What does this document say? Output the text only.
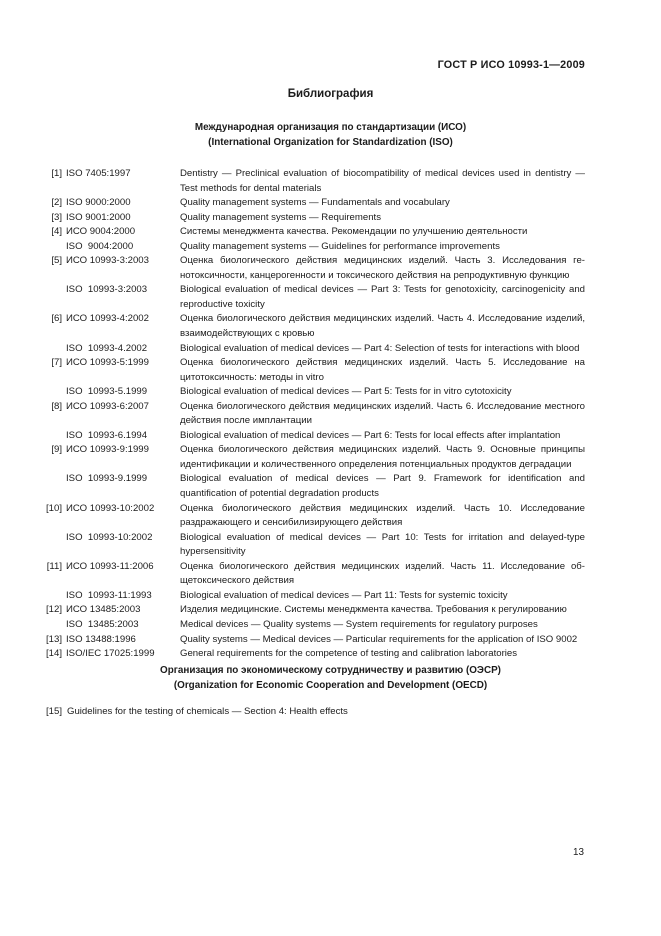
ГОСТ Р ИСО 10993-1—2009
Библиография
Международная организация по стандартизации (ИСО)
(International Organization for Standardization (ISO)
[1] ISO 7405:1997	Dentistry — Preclinical evaluation of biocompatibility of medical devices used in dentistry — Test methods for dental materials
[2] ISO 9000:2000	Quality management systems — Fundamentals and vocabulary
[3] ISO 9001:2000	Quality management systems — Requirements
[4] ИСО 9004:2000	Системы менеджмента качества. Рекомендации по улучшению деятельности
ISO  9004:2000	Quality management systems — Guidelines for performance improvements
[5] ИСО 10993-3:2003	Оценка биологического действия медицинских изделий. Часть 3. Исследования генотоксичности, канцерогенности и токсического действия на репродуктивную функцию
ISO  10993-3:2003	Biological evaluation of medical devices — Part 3: Tests for genotoxicity, carcinogenicity and reproductive toxicity
[6] ИСО 10993-4:2002	Оценка биологического действия медицинских изделий. Часть 4. Исследование изделий, взаимодействующих с кровью
ISO  10993-4.2002	Biological evaluation of medical devices — Part 4: Selection of tests for interactions with blood
[7] ИСО 10993-5:1999	Оценка биологического действия медицинских изделий. Часть 5. Исследование на цитотоксичность: методы in vitro
ISO  10993-5.1999	Biological evaluation of medical devices — Part 5: Tests for in vitro cytotoxicity
[8] ИСО 10993-6:2007	Оценка биологического действия медицинских изделий. Часть 6. Исследование местного действия после имплантации
ISO  10993-6.1994	Biological evaluation of medical devices — Part 6: Tests for local effects after implantation
[9] ИСО 10993-9:1999	Оценка биологического действия медицинских изделий. Часть 9. Основные принципы идентификации и количественного определения потенциальных продуктов деградации
ISO  10993-9.1999	Biological evaluation of medical devices — Part 9. Framework for identification and quantification of potential degradation products
[10] ИСО 10993-10:2002	Оценка биологического действия медицинских изделий. Часть 10. Исследование раздражающего и сенсибилизирующего действия
ISO  10993-10:2002	Biological evaluation of medical devices — Part 10: Tests for irritation and delayed-type hypersensitivity
[11] ИСО 10993-11:2006	Оценка биологического действия медицинских изделий. Часть 11. Исследование общетоксического действия
ISO  10993-11:1993	Biological evaluation of medical devices — Part 11: Tests for systemic toxicity
[12] ИСО 13485:2003	Изделия медицинские. Системы менеджмента качества. Требования к регулированию
ISO  13485:2003	Medical devices — Quality systems — System requirements for regulatory purposes
[13] ISO 13488:1996	Quality systems — Medical devices — Particular requirements for the application of ISO 9002
[14] ISO/IEC 17025:1999	General requirements for the competence of testing and calibration laboratories
Организация по экономическому сотрудничеству и развитию (ОЭСР)
(Organization for Economic Cooperation and Development (OECD)
[15] Guidelines for the testing of chemicals — Section 4: Health effects
13
